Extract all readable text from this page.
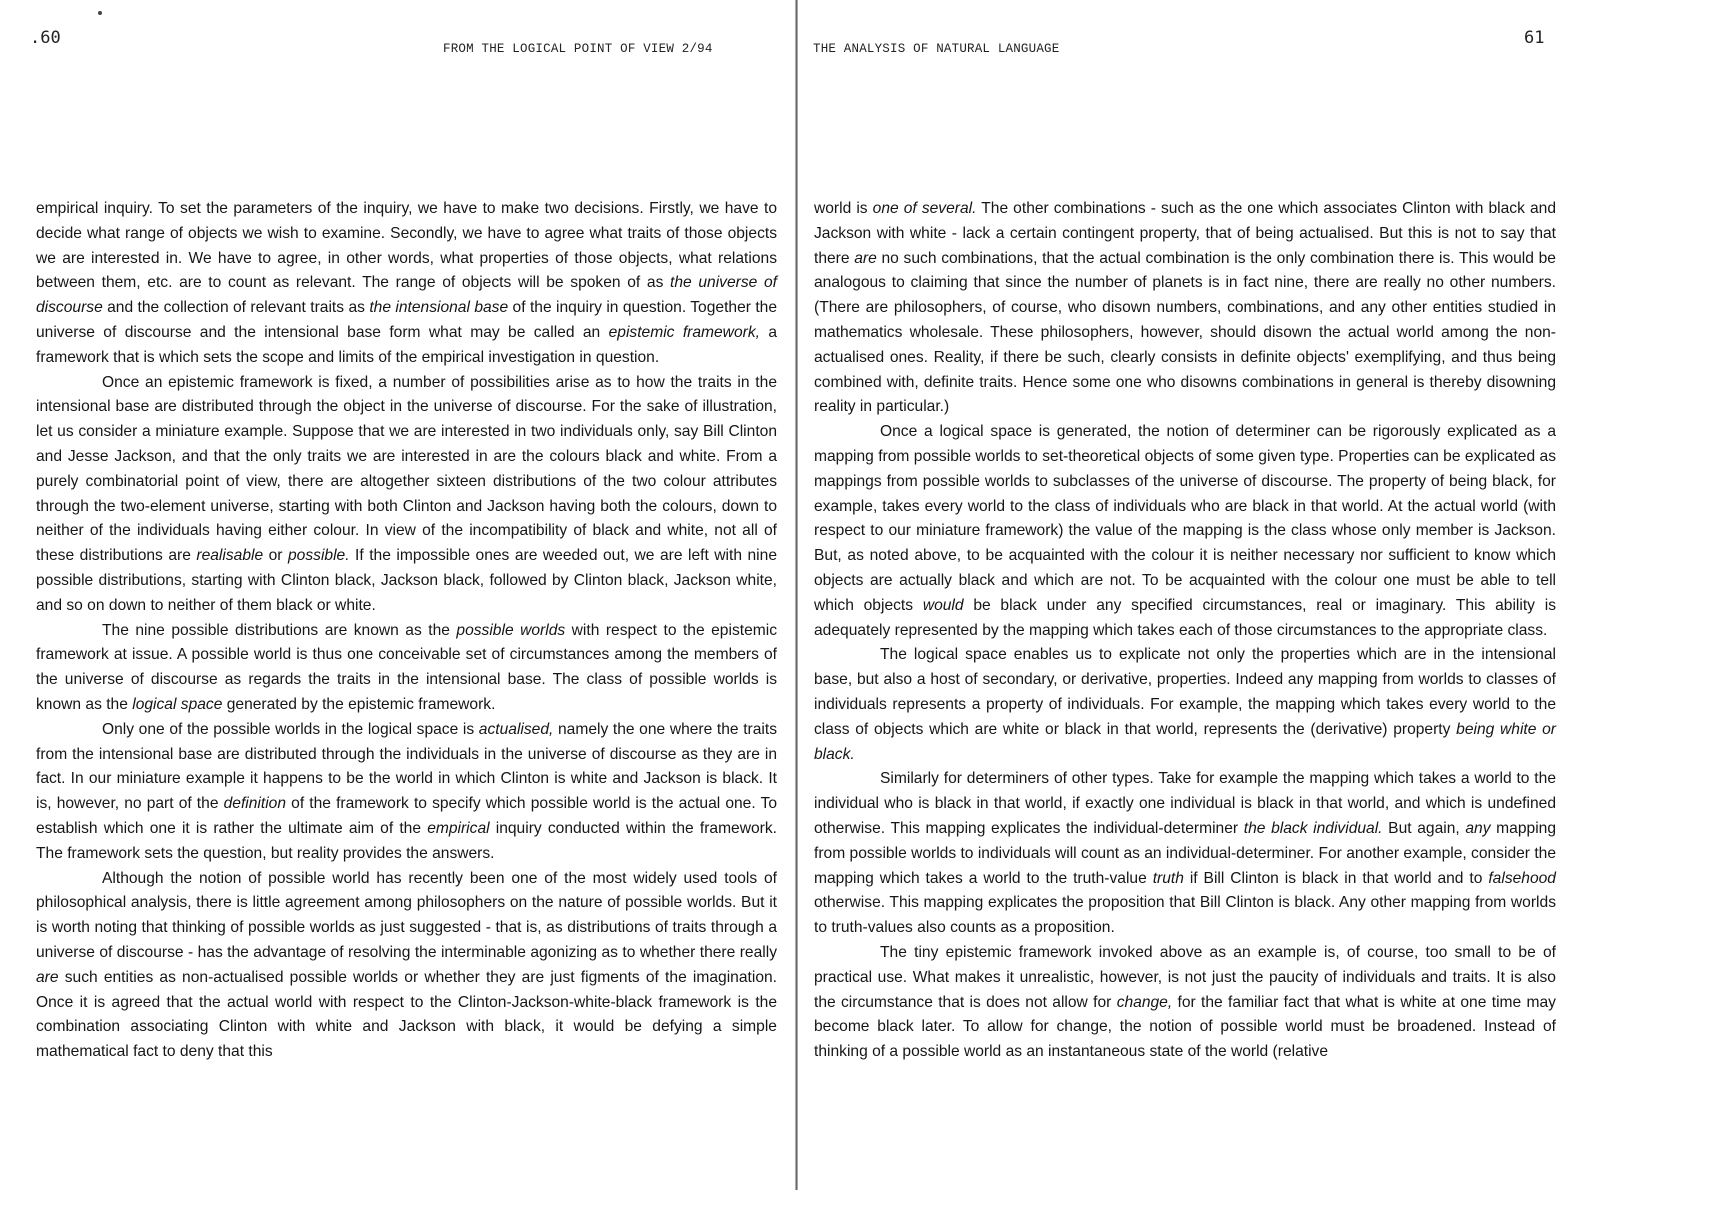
.60
FROM THE LOGICAL POINT OF VIEW 2/94

empirical inquiry. To set the parameters of the inquiry, we have to make two decisions. Firstly, we have to decide what range of objects we wish to examine. Secondly, we have to agree what traits of those objects we are interested in. We have to agree, in other words, what properties of those objects, what relations between them, etc. are to count as relevant. The range of objects will be spoken of as the universe of discourse and the collection of relevant traits as the intensional base of the inquiry in question. Together the universe of discourse and the intensional base form what may be called an epistemic framework, a framework that is which sets the scope and limits of the empirical investigation in question.

Once an epistemic framework is fixed, a number of possibilities arise as to how the traits in the intensional base are distributed through the object in the universe of discourse. For the sake of illustration, let us consider a miniature example. Suppose that we are interested in two individuals only, say Bill Clinton and Jesse Jackson, and that the only traits we are interested in are the colours black and white. From a purely combinatorial point of view, there are altogether sixteen distributions of the two colour attributes through the two-element universe, starting with both Clinton and Jackson having both the colours, down to neither of the individuals having either colour. In view of the incompatibility of black and white, not all of these distributions are realisable or possible. If the impossible ones are weeded out, we are left with nine possible distributions, starting with Clinton black, Jackson black, followed by Clinton black, Jackson white, and so on down to neither of them black or white.

The nine possible distributions are known as the possible worlds with respect to the epistemic framework at issue. A possible world is thus one conceivable set of circumstances among the members of the universe of discourse as regards the traits in the intensional base. The class of possible worlds is known as the logical space generated by the epistemic framework.

Only one of the possible worlds in the logical space is actualised, namely the one where the traits from the intensional base are distributed through the individuals in the universe of discourse as they are in fact. In our miniature example it happens to be the world in which Clinton is white and Jackson is black. It is, however, no part of the definition of the framework to specify which possible world is the actual one. To establish which one it is rather the ultimate aim of the empirical inquiry conducted within the framework. The framework sets the question, but reality provides the answers.

Although the notion of possible world has recently been one of the most widely used tools of philosophical analysis, there is little agreement among philosophers on the nature of possible worlds. But it is worth noting that thinking of possible worlds as just suggested - that is, as distributions of traits through a universe of discourse - has the advantage of resolving the interminable agonizing as to whether there really are such entities as non-actualised possible worlds or whether they are just figments of the imagination. Once it is agreed that the actual world with respect to the Clinton-Jackson-white-black framework is the combination associating Clinton with white and Jackson with black, it would be defying a simple mathematical fact to deny that this

61
THE ANALYSIS OF NATURAL LANGUAGE

world is one of several. The other combinations - such as the one which associates Clinton with black and Jackson with white - lack a certain contingent property, that of being actualised. But this is not to say that there are no such combinations, that the actual combination is the only combination there is. This would be analogous to claiming that since the number of planets is in fact nine, there are really no other numbers. (There are philosophers, of course, who disown numbers, combinations, and any other entities studied in mathematics wholesale. These philosophers, however, should disown the actual world among the non-actualised ones. Reality, if there be such, clearly consists in definite objects' exemplifying, and thus being combined with, definite traits. Hence some one who disowns combinations in general is thereby disowning reality in particular.)

Once a logical space is generated, the notion of determiner can be rigorously explicated as a mapping from possible worlds to set-theoretical objects of some given type. Properties can be explicated as mappings from possible worlds to subclasses of the universe of discourse. The property of being black, for example, takes every world to the class of individuals who are black in that world. At the actual world (with respect to our miniature framework) the value of the mapping is the class whose only member is Jackson. But, as noted above, to be acquainted with the colour it is neither necessary nor sufficient to know which objects are actually black and which are not. To be acquainted with the colour one must be able to tell which objects would be black under any specified circumstances, real or imaginary. This ability is adequately represented by the mapping which takes each of those circumstances to the appropriate class.

The logical space enables us to explicate not only the properties which are in the intensional base, but also a host of secondary, or derivative, properties. Indeed any mapping from worlds to classes of individuals represents a property of individuals. For example, the mapping which takes every world to the class of objects which are white or black in that world, represents the (derivative) property being white or black.

Similarly for determiners of other types. Take for example the mapping which takes a world to the individual who is black in that world, if exactly one individual is black in that world, and which is undefined otherwise. This mapping explicates the individual-determiner the black individual. But again, any mapping from possible worlds to individuals will count as an individual-determiner. For another example, consider the mapping which takes a world to the truth-value truth if Bill Clinton is black in that world and to falsehood otherwise. This mapping explicates the proposition that Bill Clinton is black. Any other mapping from worlds to truth-values also counts as a proposition.

The tiny epistemic framework invoked above as an example is, of course, too small to be of practical use. What makes it unrealistic, however, is not just the paucity of individuals and traits. It is also the circumstance that is does not allow for change, for the familiar fact that what is white at one time may become black later. To allow for change, the notion of possible world must be broadened. Instead of thinking of a possible world as an instantaneous state of the world (relative
